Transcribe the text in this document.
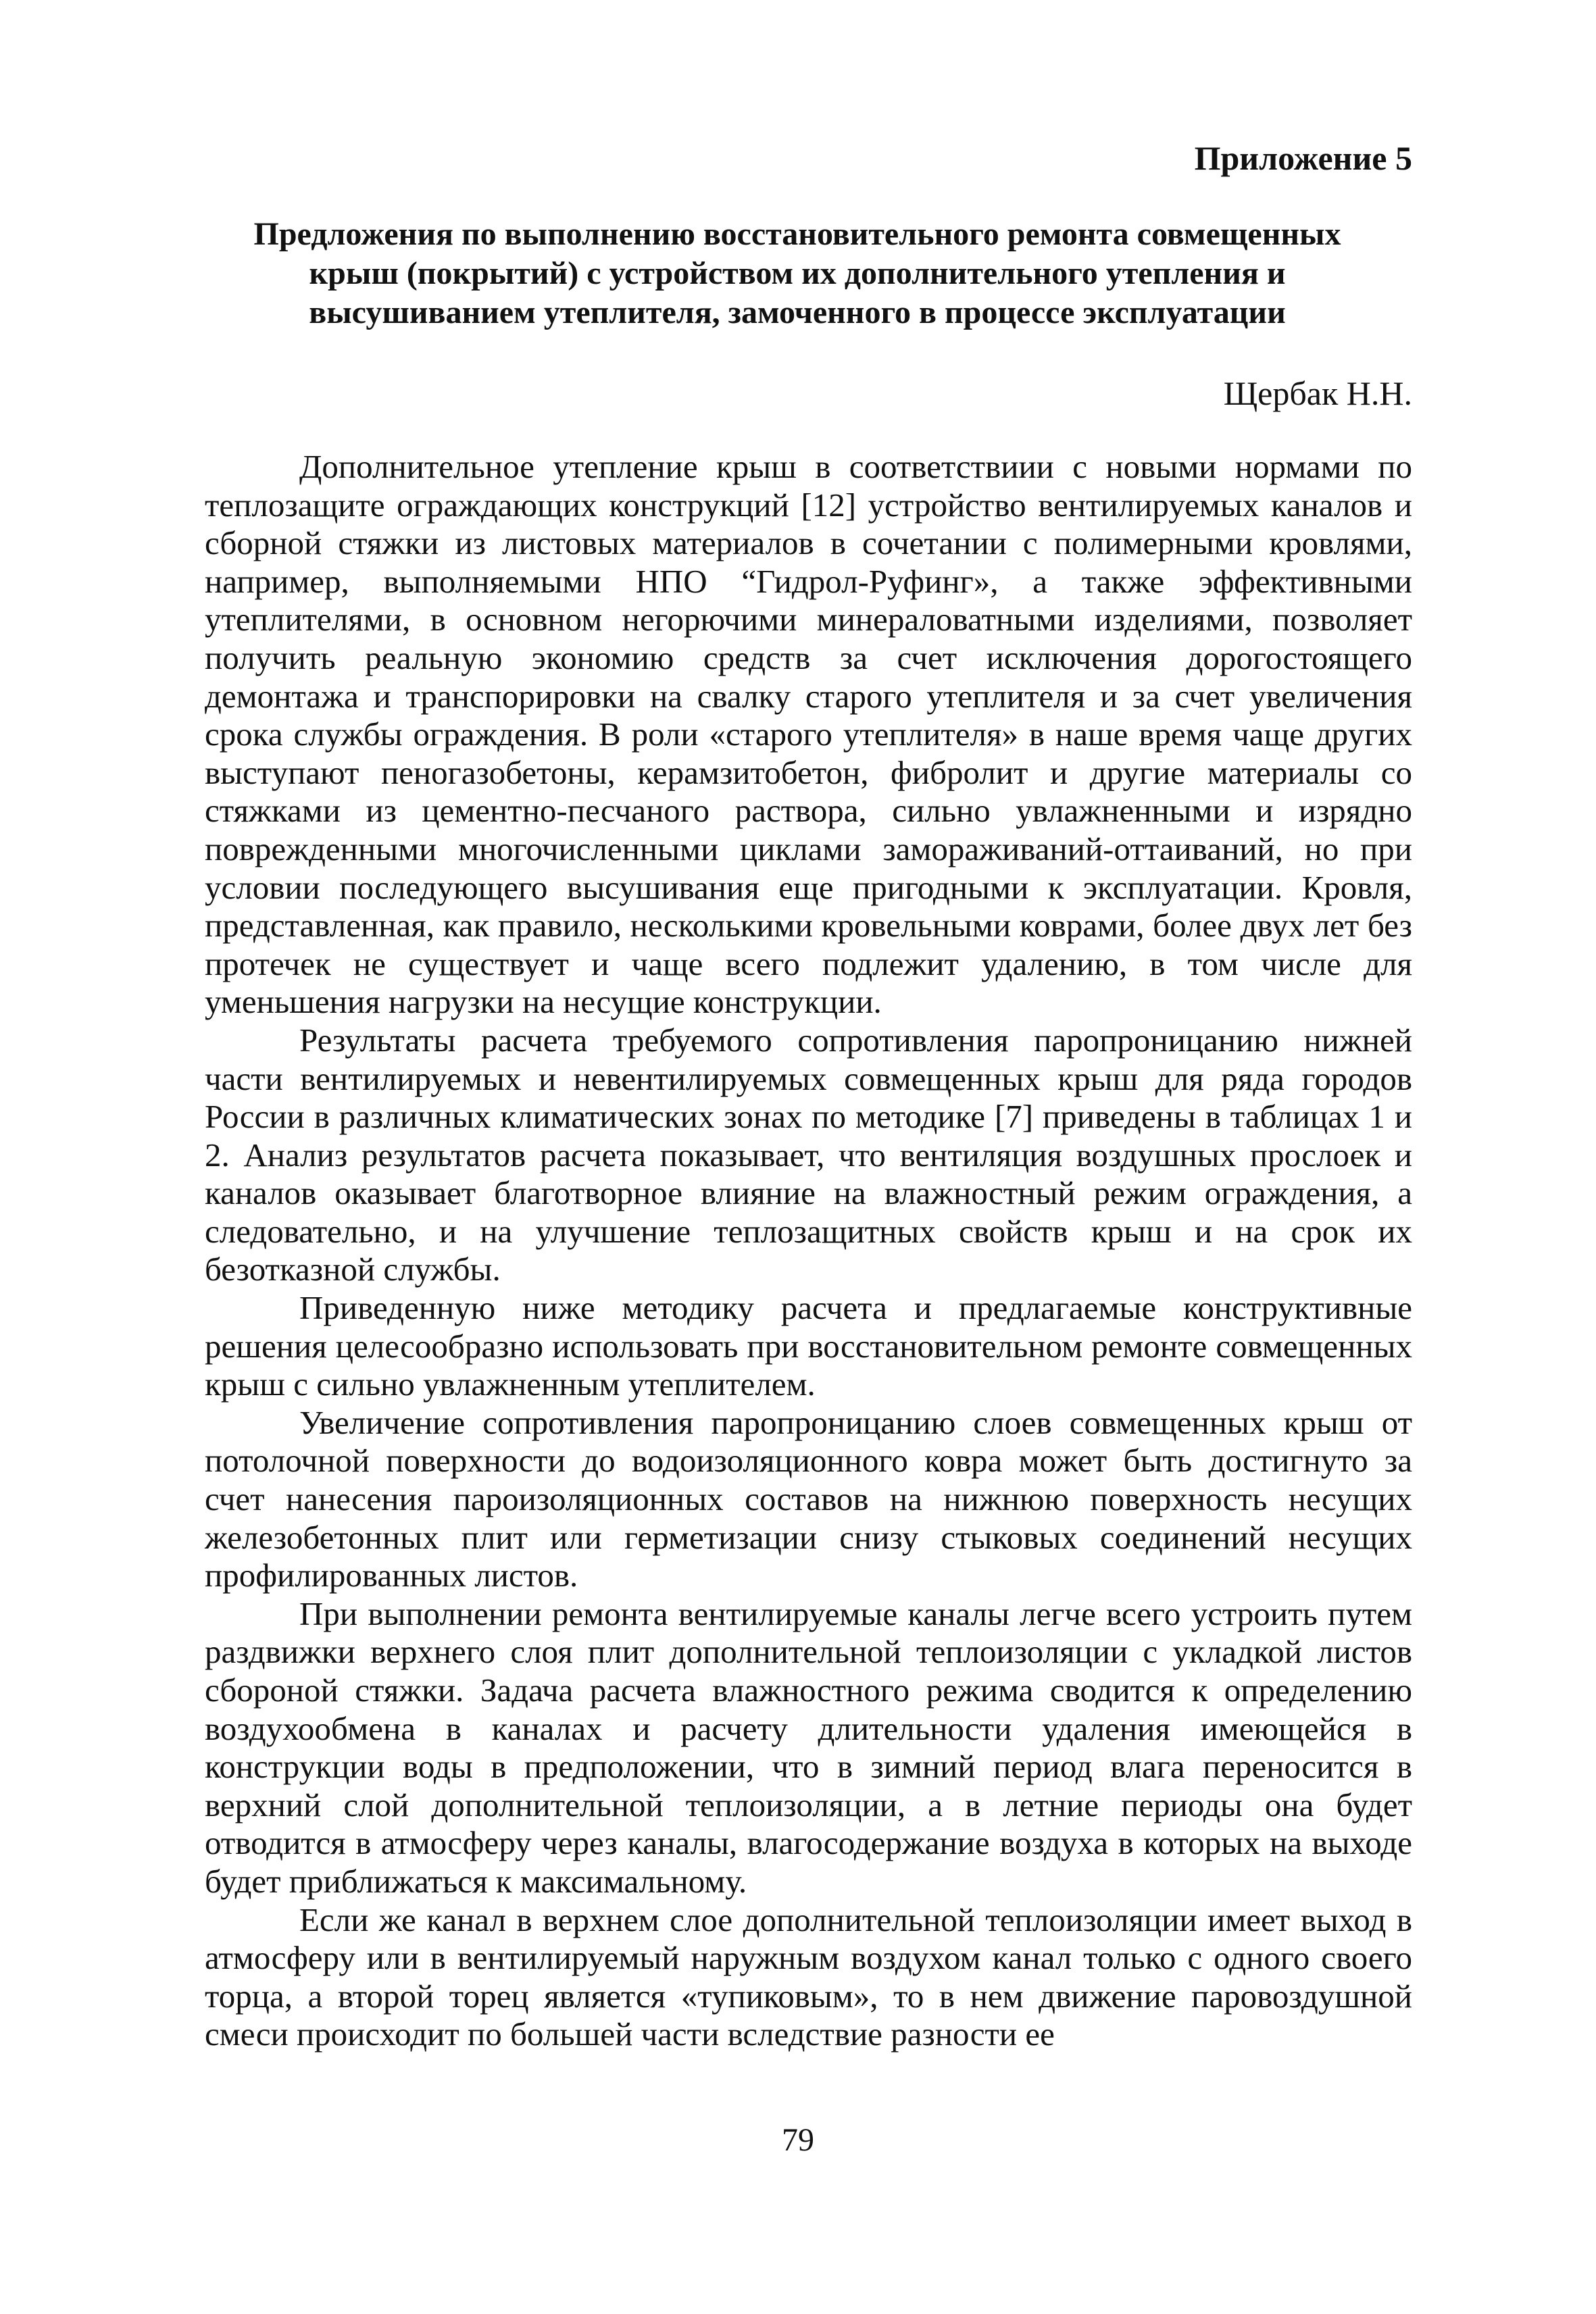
Приложение 5
Предложения по выполнению восстановительного ремонта совмещенных
крыш (покрытий) с устройством их дополнительного утепления и
высушиванием утеплителя, замоченного в процессе эксплуатации
Щербак Н.Н.

Дополнительное утепление крыш в соответствиии с новыми нормами по теплозащите ограждающих конструкций [12] устройство вентилируемых каналов и сборной стяжки из листовых материалов в сочетании с полимерными кровлями, например, выполняемыми НПО “Гидрол-Руфинг», а также эффективными утеплителями, в основном негорючими минераловатными изделиями, позволяет получить реальную экономию средств за счет исключения дорогостоящего демонтажа и транспорировки на свалку старого утеплителя и за счет увеличения срока службы ограждения. В роли «старого утеплителя» в наше время чаще других выступают пеногазобетоны, керамзитобетон, фибролит и другие материалы со стяжками из цементно-песчаного раствора, сильно увлажненными и изрядно поврежденными многочисленными циклами замораживаний-оттаиваний, но при условии последующего высушивания еще пригодными к эксплуатации. Кровля, представленная, как правило, несколькими кровельными коврами, более двух лет без протечек не существует и чаще всего подлежит удалению, в том числе для уменьшения нагрузки на несущие конструкции.

Результаты расчета требуемого сопротивления паропроницанию нижней части вентилируемых и невентилируемых совмещенных крыш для ряда городов России в различных климатических зонах по методике [7] приведены в таблицах 1 и 2. Анализ результатов расчета показывает, что вентиляция воздушных прослоек и каналов оказывает благотворное влияние на влажностный режим ограждения, а следовательно, и на улучшение теплозащитных свойств крыш и на срок их безотказной службы.

Приведенную ниже методику расчета и предлагаемые конструктивные решения целесообразно использовать при восстановительном ремонте совмещенных крыш с сильно увлажненным утеплителем.

Увеличение сопротивления паропроницанию слоев совмещенных крыш от потолочной поверхности до водоизоляционного ковра может быть достигнуто за счет нанесения пароизоляционных составов на нижнюю поверхность несущих железобетонных плит или герметизации снизу стыковых соединений несущих профилированных листов.

При выполнении ремонта вентилируемые каналы легче всего устроить путем раздвижки верхнего слоя плит дополнительной теплоизоляции с укладкой листов сбороной стяжки. Задача расчета влажностного режима сводится к определению воздухообмена в каналах и расчету длительности удаления имеющейся в конструкции воды в предположении, что в зимний период влага переносится в верхний слой дополнительной теплоизоляции, а в летние периоды она будет отводится в атмосферу через каналы, влагосодержание воздуха в которых на выходе будет приближаться к максимальному.

Если же канал в верхнем слое дополнительной теплоизоляции имеет выход в атмосферу или в вентилируемый наружным воздухом канал только с одного своего торца, а второй торец является «тупиковым», то в нем движение паровоздушной смеси происходит по большей части вследствие разности ее

79
